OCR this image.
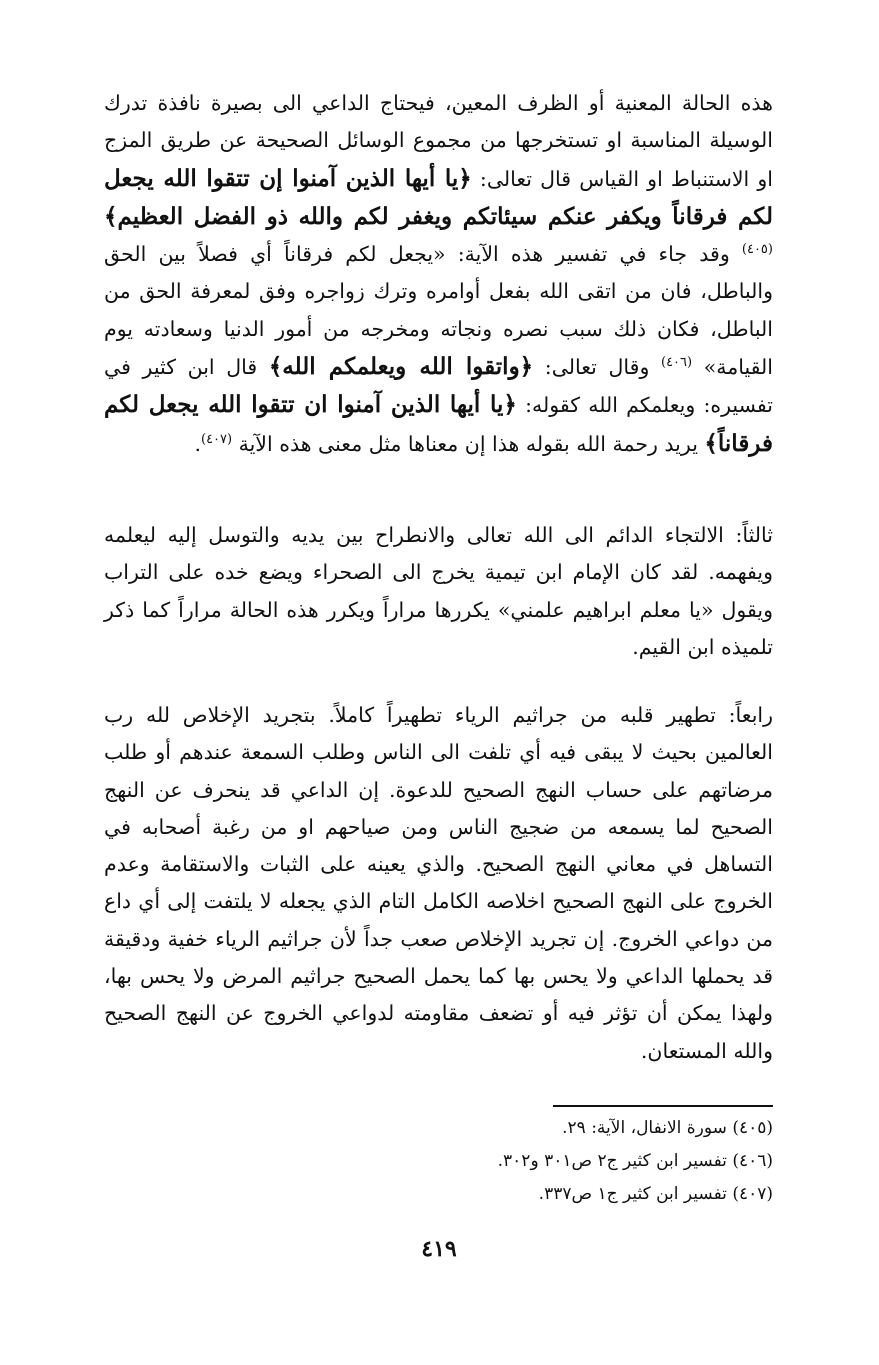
هذه الحالة المعنية أو الظرف المعين، فيحتاج الداعي الى بصيرة نافذة تدرك الوسيلة المناسبة او تستخرجها من مجموع الوسائل الصحيحة عن طريق المزج او الاستنباط او القياس قال تعالى: ﴿يا أيها الذين آمنوا إن تتقوا الله يجعل لكم فرقاناً ويكفر عنكم سيئاتكم ويغفر لكم والله ذو الفضل العظيم﴾$^{(٤٠٥)}$ وقد جاء في تفسير هذه الآية: «يجعل لكم فرقاناً أي فصلاً بين الحق والباطل، فان من اتقى الله بفعل أوامره وترك زواجره وفق لمعرفة الحق من الباطل، فكان ذلك سبب نصره ونجاته ومخرجه من أمور الدنيا وسعادته يوم القيامة» $^{(٤٠٦)}$ وقال تعالى: ﴿واتقوا الله ويعلمكم الله﴾ قال ابن كثير في تفسيره: ويعلمكم الله كقوله: ﴿يا أيها الذين آمنوا ان تتقوا الله يجعل لكم فرقاناً﴾ يريد رحمة الله بقوله هذا إن معناها مثل معنى هذه الآية $^{(٤٠٧)}$.
ثالثاً: الالتجاء الدائم الى الله تعالى والانطراح بين يديه والتوسل إليه ليعلمه ويفهمه. لقد كان الإمام ابن تيمية يخرج الى الصحراء ويضع خده على التراب ويقول «يا معلم ابراهيم علمني» يكررها مراراً ويكرر هذه الحالة مراراً كما ذكر تلميذه ابن القيم.
رابعاً: تطهير قلبه من جراثيم الرياء تطهيراً كاملاً. بتجريد الإخلاص لله رب العالمين بحيث لا يبقى فيه أي تلفت الى الناس وطلب السمعة عندهم أو طلب مرضاتهم على حساب النهج الصحيح للدعوة. إن الداعي قد ينحرف عن النهج الصحيح لما يسمعه من ضجيج الناس ومن صياحهم او من رغبة أصحابه في التساهل في معاني النهج الصحيح. والذي يعينه على الثبات والاستقامة وعدم الخروج على النهج الصحيح اخلاصه الكامل التام الذي يجعله لا يلتفت إلى أي داع من دواعي الخروج. إن تجريد الإخلاص صعب جداً لأن جراثيم الرياء خفية ودقيقة قد يحملها الداعي ولا يحس بها كما يحمل الصحيح جراثيم المرض ولا يحس بها، ولهذا يمكن أن تؤثر فيه أو تضعف مقاومته لدواعي الخروج عن النهج الصحيح والله المستعان.
(٤٠٥) سورة الانفال، الآية: ٢٩.
(٤٠٦) تفسير ابن كثير ج٢ ص٣٠١ و٣٠٢.
(٤٠٧) تفسير ابن كثير ج١ ص٣٣٧.
٤١٩
